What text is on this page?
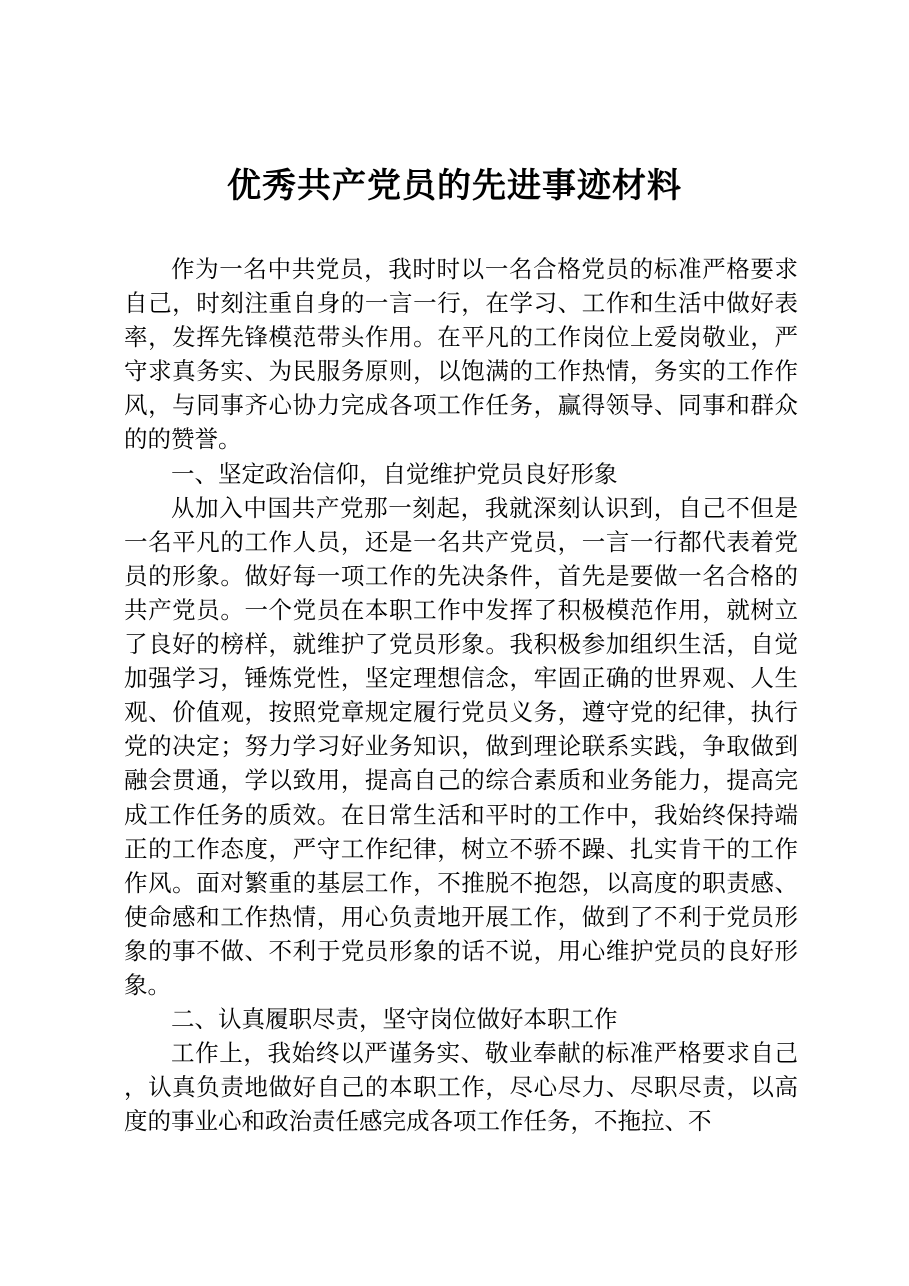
优秀共产党员的先进事迹材料

作为一名中共党员，我时时以一名合格党员的标准严格要求自己，时刻注重自身的一言一行，在学习、工作和生活中做好表率，发挥先锋模范带头作用。在平凡的工作岗位上爱岗敬业，严守求真务实、为民服务原则，以饱满的工作热情，务实的工作作风，与同事齐心协力完成各项工作任务，赢得领导、同事和群众的的赞誉。

一、坚定政治信仰，自觉维护党员良好形象

从加入中国共产党那一刻起，我就深刻认识到，自己不但是一名平凡的工作人员，还是一名共产党员，一言一行都代表着党员的形象。做好每一项工作的先决条件，首先是要做一名合格的共产党员。一个党员在本职工作中发挥了积极模范作用，就树立了良好的榜样，就维护了党员形象。我积极参加组织生活，自觉加强学习，锤炼党性，坚定理想信念，牢固正确的世界观、人生观、价值观，按照党章规定履行党员义务，遵守党的纪律，执行党的决定；努力学习好业务知识，做到理论联系实践，争取做到融会贯通，学以致用，提高自己的综合素质和业务能力，提高完成工作任务的质效。在日常生活和平时的工作中，我始终保持端正的工作态度，严守工作纪律，树立不骄不躁、扎实肯干的工作作风。面对繁重的基层工作，不推脱不抱怨，以高度的职责感、使命感和工作热情，用心负责地开展工作，做到了不利于党员形象的事不做、不利于党员形象的话不说，用心维护党员的良好形象。

二、认真履职尽责，坚守岗位做好本职工作

工作上，我始终以严谨务实、敬业奉献的标准严格要求自己，认真负责地做好自己的本职工作，尽心尽力、尽职尽责，以高度的事业心和政治责任感完成各项工作任务，不拖拉、不
